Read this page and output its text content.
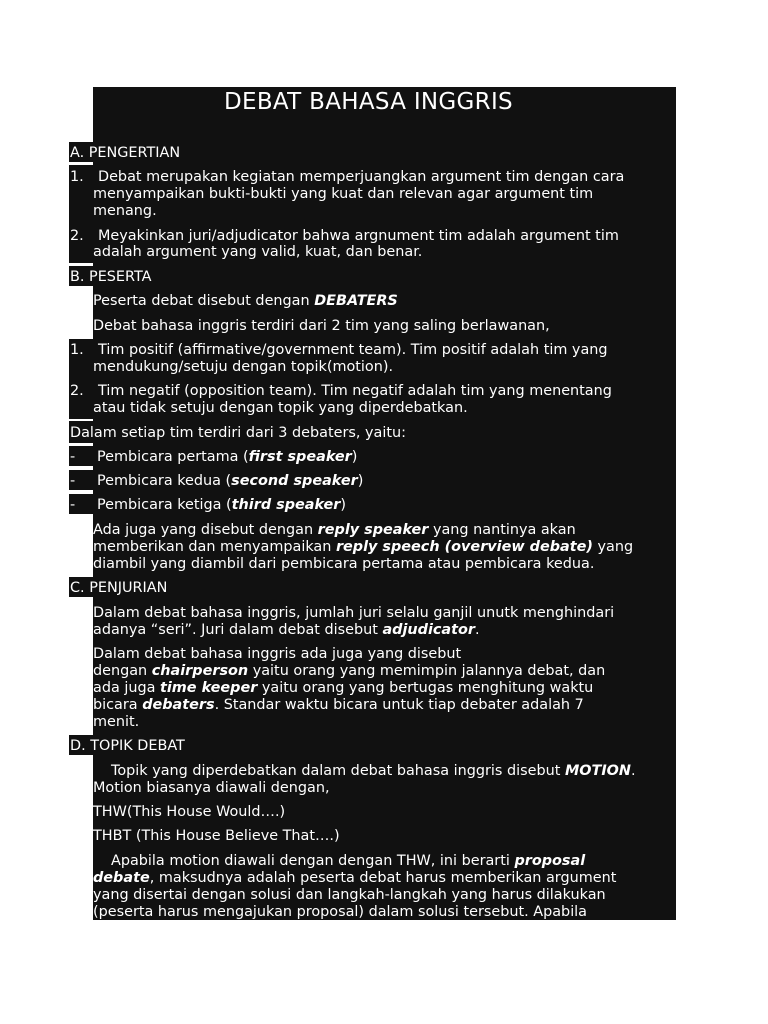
DEBAT BAHASA INGGRIS
A. PENGERTIAN
1. Debat merupakan kegiatan memperjuangkan argument tim dengan cara
menyampaikan bukti-bukti yang kuat dan relevan agar argument tim
menang.
2. Meyakinkan juri/adjudicator bahwa argnument tim adalah argument tim
adalah argument yang valid, kuat, dan benar.
B. PESERTA
Peserta debat disebut dengan DEBATERS
Debat bahasa inggris terdiri dari 2 tim yang saling berlawanan,
1. Tim positif (affirmative/government team). Tim positif adalah tim yang
mendukung/setuju dengan topik(motion).
2. Tim negatif (opposition team). Tim negatif adalah tim yang menentang
atau tidak setuju dengan topik yang diperdebatkan.
Dalam setiap tim terdiri dari 3 debaters, yaitu:
- Pembicara pertama (first speaker)
- Pembicara kedua (second speaker)
- Pembicara ketiga (third speaker)
Ada juga yang disebut dengan reply speaker yang nantinya akan
memberikan dan menyampaikan reply speech (overview debate) yang
diambil yang diambil dari pembicara pertama atau pembicara kedua.
C. PENJURIAN
Dalam debat bahasa inggris, jumlah juri selalu ganjil unutk menghindari
adanya “seri”. Juri dalam debat disebut adjudicator.
Dalam debat bahasa inggris ada juga yang disebut
dengan chairperson yaitu orang yang memimpin jalannya debat, dan
ada juga time keeper yaitu orang yang bertugas menghitung waktu
bicara debaters. Standar waktu bicara untuk tiap debater adalah 7
menit.
D. TOPIK DEBAT
Topik yang diperdebatkan dalam debat bahasa inggris disebut MOTION.
Motion biasanya diawali dengan,
THW(This House Would….)
THBT (This House Believe That….)
Apabila motion diawali dengan dengan THW, ini berarti proposal
debate, maksudnya adalah peserta debat harus memberikan argument
yang disertai dengan solusi dan langkah-langkah yang harus dilakukan
(peserta harus mengajukan proposal) dalam solusi tersebut. Apabila
